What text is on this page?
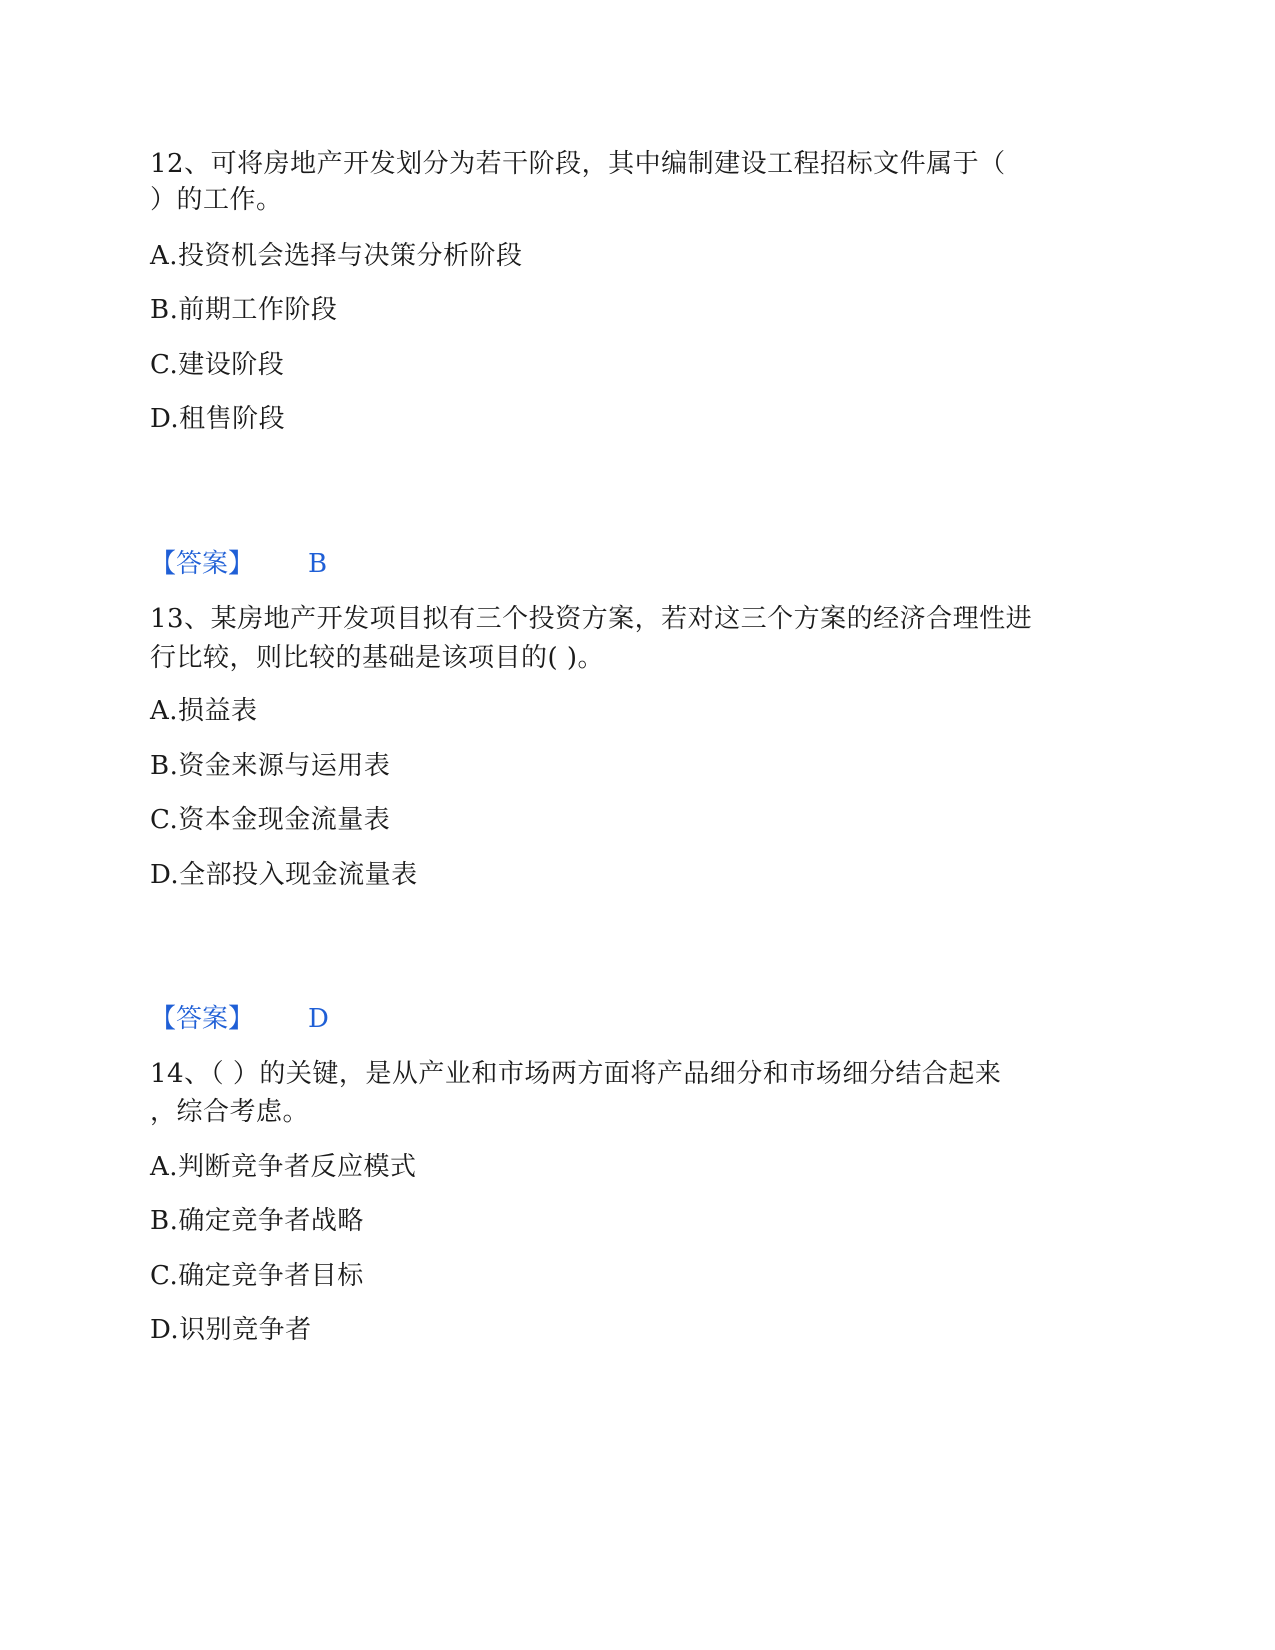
12、可将房地产开发划分为若干阶段，其中编制建设工程招标文件属于（
）的工作。
A.投资机会选择与决策分析阶段
B.前期工作阶段
C.建设阶段
D.租售阶段
【答案】 B
13、某房地产开发项目拟有三个投资方案，若对这三个方案的经济合理性进
行比较，则比较的基础是该项目的( )。
A.损益表
B.资金来源与运用表
C.资本金现金流量表
D.全部投入现金流量表
【答案】 D
14、（ ）的关键，是从产业和市场两方面将产品细分和市场细分结合起来
，综合考虑。
A.判断竞争者反应模式
B.确定竞争者战略
C.确定竞争者目标
D.识别竞争者
